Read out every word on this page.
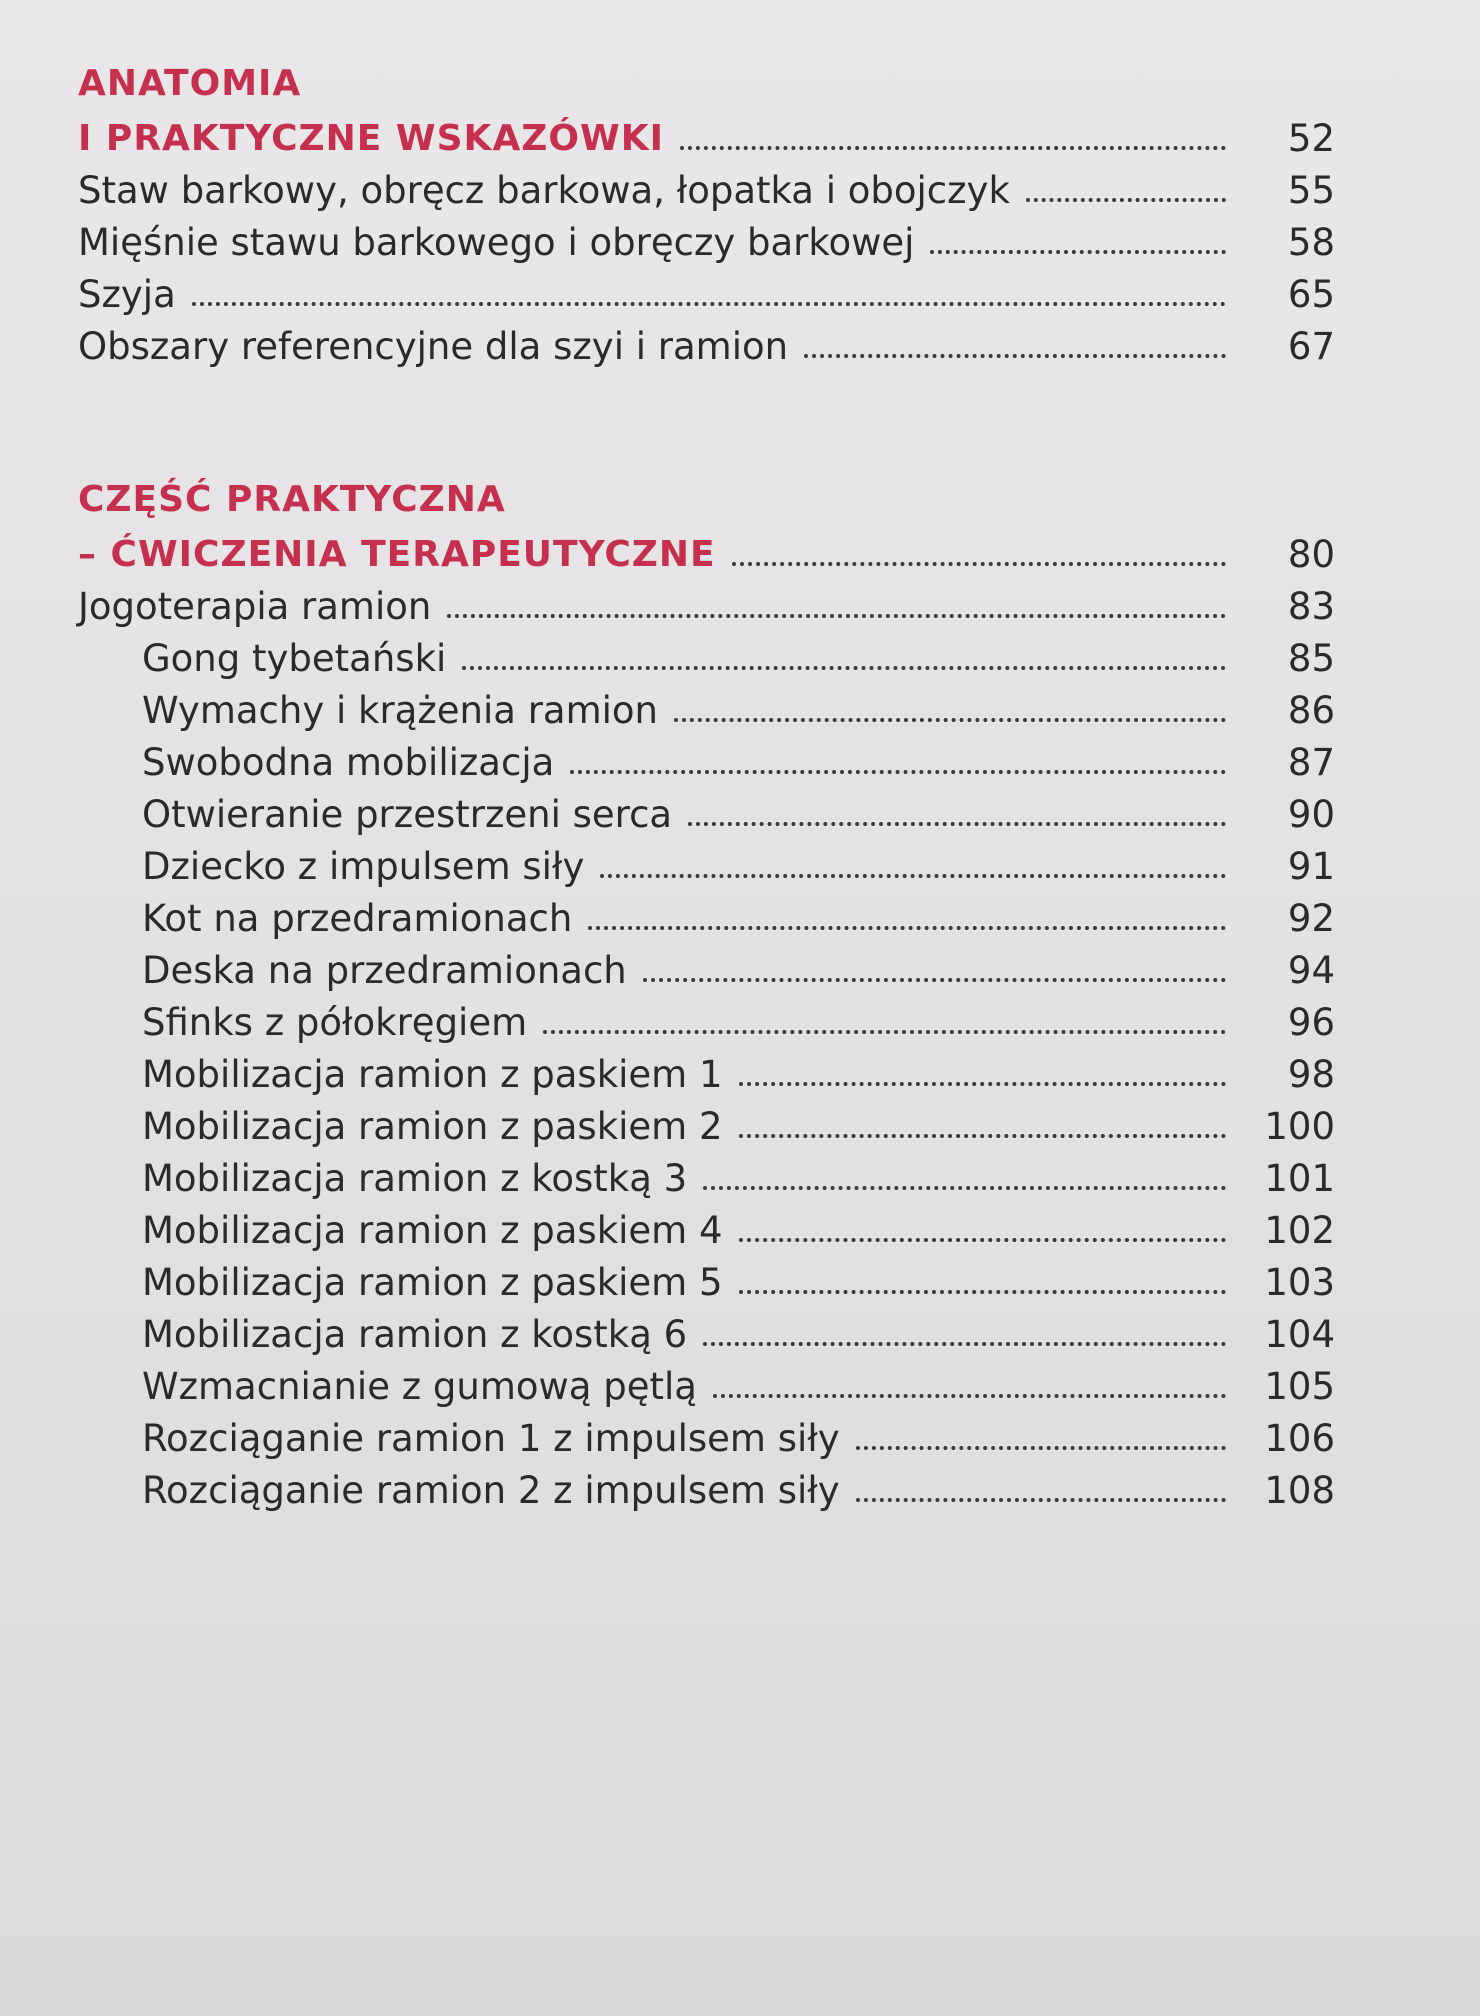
ANATOMIA
I PRAKTYCZNE WSKAZÓWKI	52
Staw barkowy, obręcz barkowa, łopatka i obojczyk	55
Mięśnie stawu barkowego i obręczy barkowej	58
Szyja	65
Obszary referencyjne dla szyi i ramion	67
CZĘŚĆ PRAKTYCZNA
– ĆWICZENIA TERAPEUTYCZNE	80
Jogoterapia ramion	83
Gong tybetański	85
Wymachy i krążenia ramion	86
Swobodna mobilizacja	87
Otwieranie przestrzeni serca	90
Dziecko z impulsem siły	91
Kot na przedramionach	92
Deska na przedramionach	94
Sfinks z półokręgiem	96
Mobilizacja ramion z paskiem 1	98
Mobilizacja ramion z paskiem 2	100
Mobilizacja ramion z kostką 3	101
Mobilizacja ramion z paskiem 4	102
Mobilizacja ramion z paskiem 5	103
Mobilizacja ramion z kostką 6	104
Wzmacnianie z gumową pętlą	105
Rozciąganie ramion 1 z impulsem siły	106
Rozciąganie ramion 2 z impulsem siły	108
